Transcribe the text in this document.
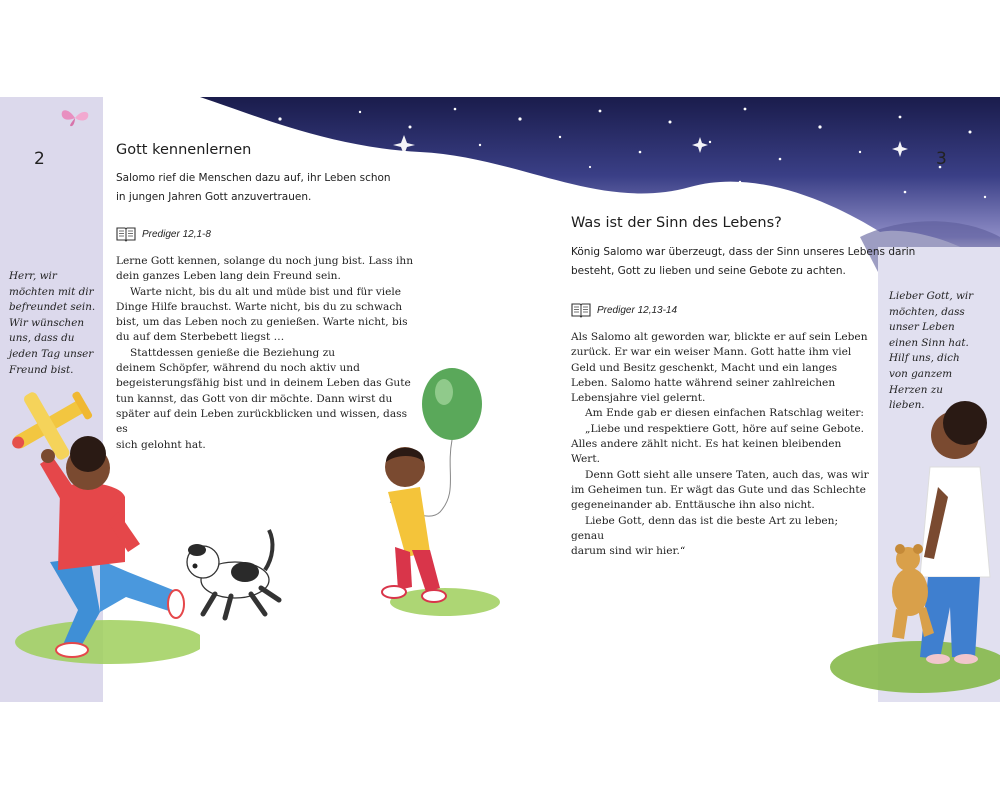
2	Gott kennenlernen
Salomo rief die Menschen dazu auf, ihr Leben schon
in jungen Jahren Gott anzuvertrauen.
Prediger 12,1-8

Lerne Gott kennen, solange du noch jung bist. Lass ihn

dein ganzes Leben lang dein Freund sein.

Warte nicht, bis du alt und müde bist und für viele

Dinge Hilfe brauchst. Warte nicht, bis du zu schwach

bist, um das Leben noch zu genießen. Warte nicht, bis

du auf dem Sterbebett liegst …

Stattdessen genieße die Beziehung zu

deinem Schöpfer, während du noch aktiv und

begeisterungsfähig bist und in deinem Leben das Gute

tun kannst, das Gott von dir möchte. Dann wirst du

später auf dein Leben zurückblicken und wissen, dass es

sich gelohnt hat.

Herr, wir
möchten mit dir
befreundet sein.
Wir wünschen
uns, dass du
jeden Tag unser
Freund bist.
3
Was ist der Sinn des Lebens?
König Salomo war überzeugt, dass der Sinn unseres Lebens darin
besteht, Gott zu lieben und seine Gebote zu achten.
Prediger 12,13-14

Als Salomo alt geworden war, blickte er auf sein Leben

zurück. Er war ein weiser Mann. Gott hatte ihm viel

Geld und Besitz geschenkt, Macht und ein langes

Leben. Salomo hatte während seiner zahlreichen

Lebensjahre viel gelernt.

Am Ende gab er diesen einfachen Ratschlag weiter:

„Liebe und respektiere Gott, höre auf seine Gebote.

Alles andere zählt nicht. Es hat keinen bleibenden Wert.

Denn Gott sieht alle unsere Taten, auch das, was wir

im Geheimen tun. Er wägt das Gute und das Schlechte

gegeneinander ab. Enttäusche ihn also nicht.

Liebe Gott, denn das ist die beste Art zu leben; genau

darum sind wir hier.“

Lieber Gott, wir
möchten, dass
unser Leben
einen Sinn hat.
Hilf uns, dich
von ganzem
Herzen zu
lieben.
